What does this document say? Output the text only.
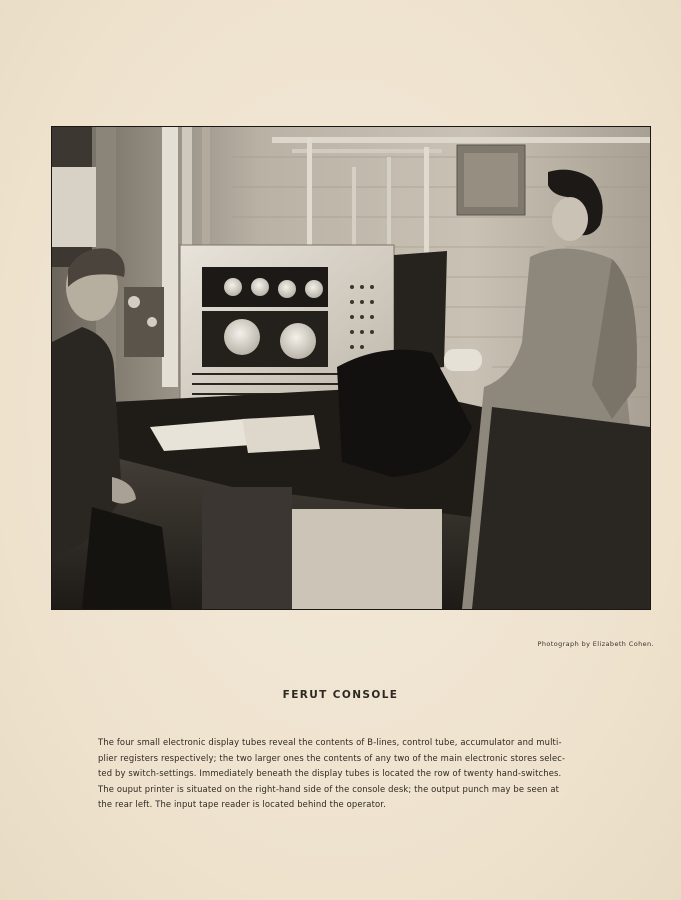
Photograph by Elizabeth Cohen.
FERUT CONSOLE
The four small electronic display tubes reveal the contents of B-lines, control tube, accumulator and multi-
plier registers respectively; the two larger ones the contents of any two of the main electronic stores selec-
ted by switch-settings. Immediately beneath the display tubes is located the row of twenty hand-switches.
The ouput printer is situated on the right-hand side of the console desk; the output punch may be seen at
the rear left. The input tape reader is located behind the operator.
